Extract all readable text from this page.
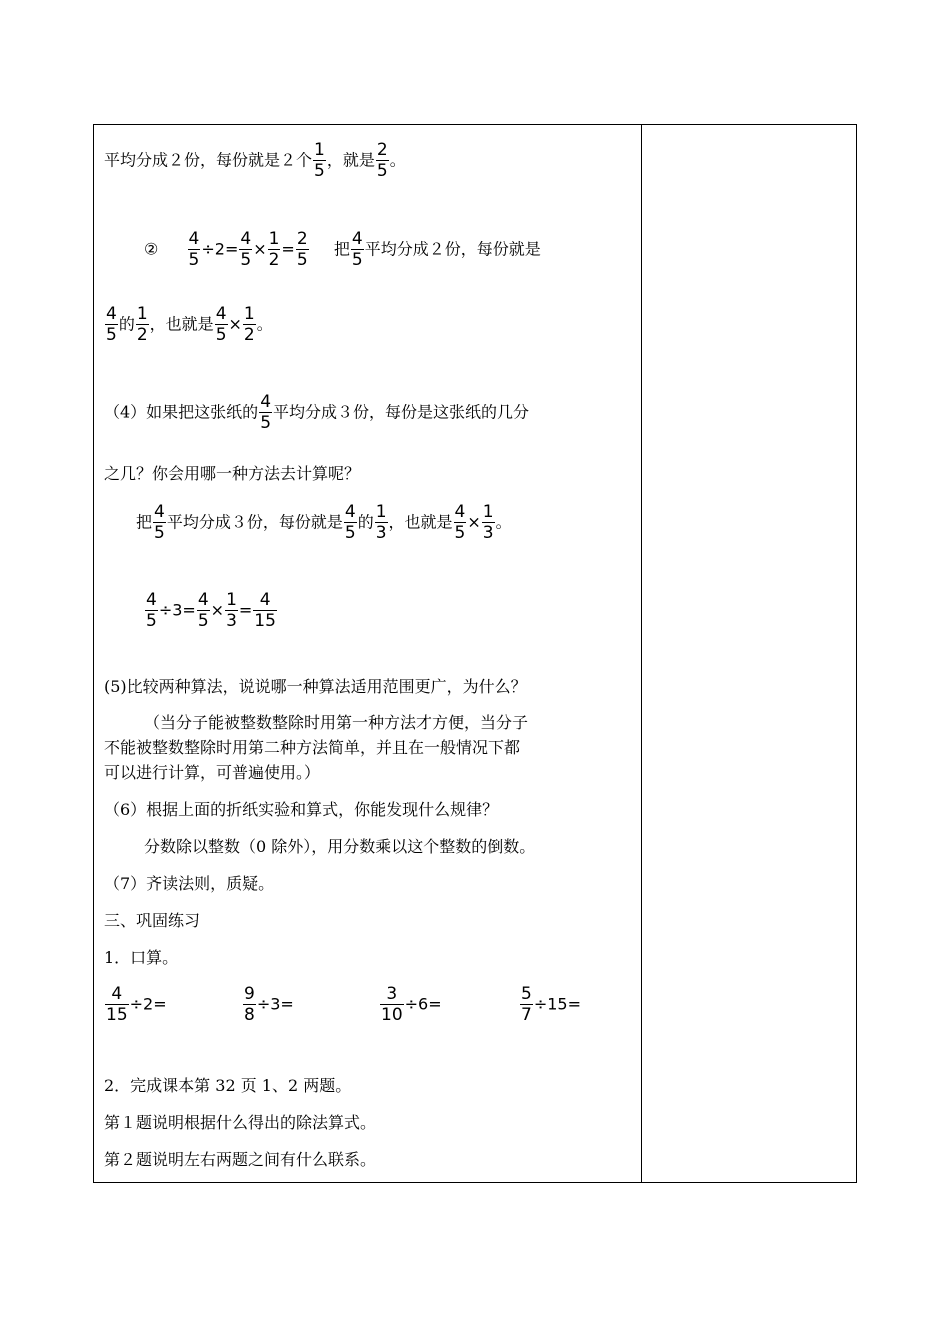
平均分成２份，每份就是２个 $\frac{1}{5}$ ，就是 $\frac{2}{5}$ 。
② $\frac{4}{5} \div 2= \frac{4}{5} \times \frac{1}{2} = \frac{2}{5}$ 把 $\frac{4}{5}$ 平均分成２份，每份就是
$\frac{4}{5}$ 的 $\frac{1}{2}$ ，也就是 $\frac{4}{5} \times \frac{1}{2}$ 。
（4）如果把这张纸的 $\frac{4}{5}$ 平均分成３份，每份是这张纸的几分
之几？你会用哪一种方法去计算呢？
把 $\frac{4}{5}$ 平均分成３份，每份就是 $\frac{4}{5}$ 的 $\frac{1}{3}$ ，也就是 $\frac{4}{5} \times \frac{1}{3}$ 。
$\frac{4}{5} \div 3= \frac{4}{5} \times \frac{1}{3} = \frac{4}{15}$
(5)比较两种算法，说说哪一种算法适用范围更广，为什么？
（当分子能被整数整除时用第一种方法才方便，当分子
不能被整数整除时用第二种方法简单，并且在一般情况下都
可以进行计算，可普遍使用。）
（6）根据上面的折纸实验和算式，你能发现什么规律？
分数除以整数（0 除外），用分数乘以这个整数的倒数。
（7）齐读法则，质疑。
三、巩固练习
1．口算。
$\frac{4}{15} \div 2=$	$\frac{9}{8} \div 3=$	$\frac{3}{10} \div 6=$	$\frac{5}{7} \div 15=$
2．完成课本第 32 页 1、2 两题。
第１题说明根据什么得出的除法算式。
第２题说明左右两题之间有什么联系。
